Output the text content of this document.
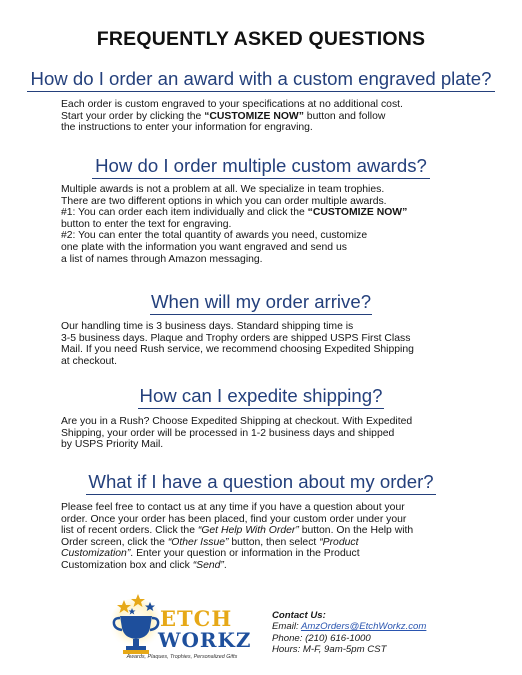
FREQUENTLY ASKED QUESTIONS
How do I order an award with a custom engraved plate?
Each order is custom engraved to your specifications at no additional cost.
Start your order by clicking the “CUSTOMIZE NOW” button and follow
the instructions to enter your information for engraving.
How do I order multiple custom awards?
Multiple awards is not a problem at all. We specialize in team trophies.
There are two different options in which you can order multiple awards.
#1: You can order each item individually and click the “CUSTOMIZE NOW”
button to enter the text for engraving.
#2: You can enter the total quantity of awards you need, customize
one plate with the information you want engraved and send us
a list of names through Amazon messaging.
When will my order arrive?
Our handling time is 3 business days. Standard shipping time is
3-5 business days. Plaque and Trophy orders are shipped USPS First Class
Mail. If you need Rush service, we recommend choosing Expedited Shipping
at checkout.
How can I expedite shipping?
Are you in a Rush? Choose Expedited Shipping at checkout. With Expedited
Shipping, your order will be processed in 1-2 business days and shipped
by USPS Priority Mail.
What if I have a question about my order?
Please feel free to contact us at any time if you have a question about your
order. Once your order has been placed, find your custom order under your
list of recent orders. Click the “Get Help With Order” button. On the Help with
Order screen, click the “Other Issue” button, then select “Product
Customization”. Enter your question or information in the Product
Customization box and click “Send”.
ETCH
WORKZ
Awards, Plaques, Trophies, Personalized Gifts
Contact Us:
Email: AmzOrders@EtchWorkz.com
Phone: (210) 616-1000
Hours: M-F, 9am-5pm CST
